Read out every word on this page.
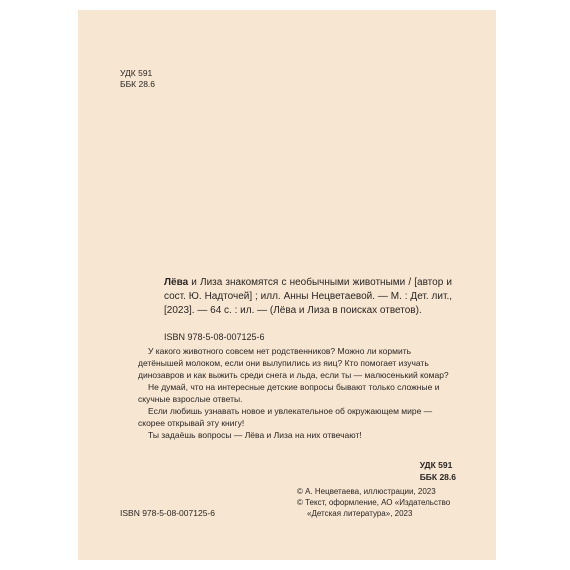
УДК 591
ББК 28.6
Лёва и Лиза знакомятся с необычными животными / [автор и сост. Ю. Надточей] ; илл. Анны Нецветаевой. — М. : Дет. лит., [2023]. — 64 с. : ил. — (Лёва и Лиза в поисках ответов).
ISBN 978-5-08-007125-6

У какого животного совсем нет родственников? Можно ли кормить детёнышей молоком, если они вылупились из яиц? Кто помогает изучать динозавров и как выжить среди снега и льда, если ты — малюсенький комар?

Не думай, что на интересные детские вопросы бывают только сложные и скучные взрослые ответы.

Если любишь узнавать новое и увлекательное об окружающем мире — скорее открывай эту книгу!

Ты задаёшь вопросы — Лёва и Лиза на них отвечают!

УДК 591
ББК 28.6
© А. Нецветаева, иллюстрации, 2023
© Текст, оформление, АО «Издательство
«Детская литература», 2023
ISBN 978-5-08-007125-6
